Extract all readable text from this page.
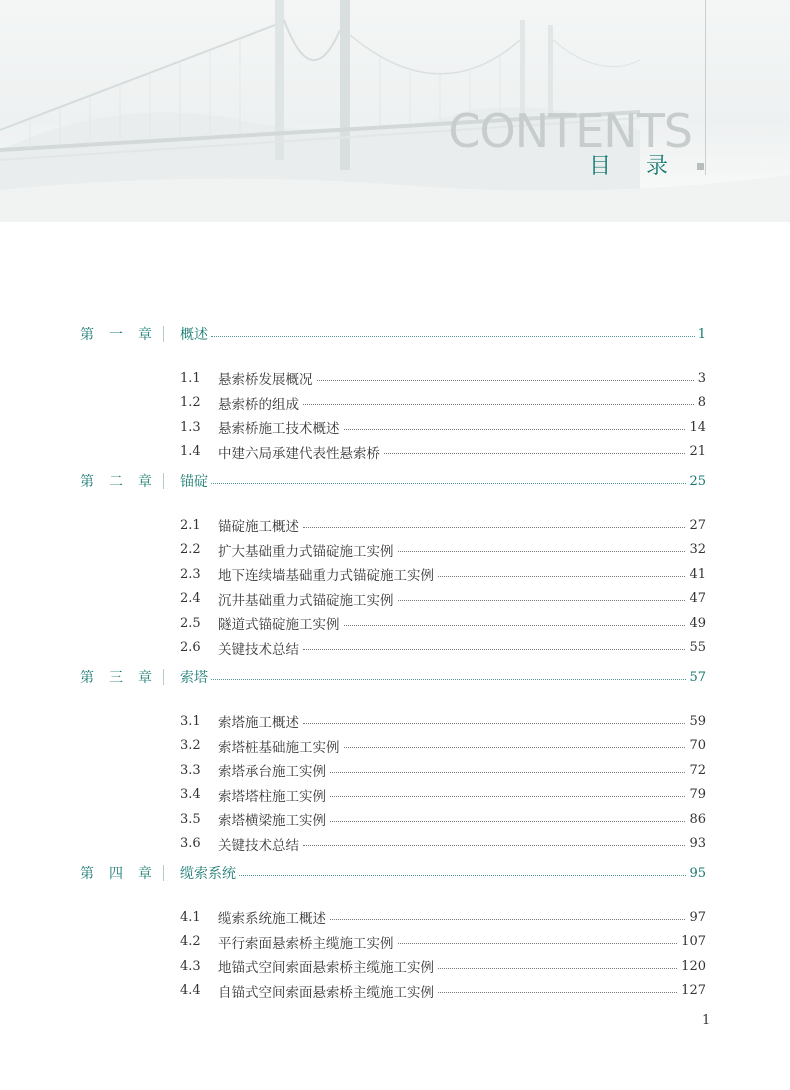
CONTENTS
目 录
第 一 章 概述	1
1.1 悬索桥发展概况	3
1.2 悬索桥的组成	8
1.3 悬索桥施工技术概述	14
1.4 中建六局承建代表性悬索桥	21
第 二 章 锚碇	25
2.1 锚碇施工概述	27
2.2 扩大基础重力式锚碇施工实例	32
2.3 地下连续墙基础重力式锚碇施工实例	41
2.4 沉井基础重力式锚碇施工实例	47
2.5 隧道式锚碇施工实例	49
2.6 关键技术总结	55
第 三 章 索塔	57
3.1 索塔施工概述	59
3.2 索塔桩基础施工实例	70
3.3 索塔承台施工实例	72
3.4 索塔塔柱施工实例	79
3.5 索塔横梁施工实例	86
3.6 关键技术总结	93
第 四 章 缆索系统	95
4.1 缆索系统施工概述	97
4.2 平行索面悬索桥主缆施工实例	107
4.3 地锚式空间索面悬索桥主缆施工实例	120
4.4 自锚式空间索面悬索桥主缆施工实例	127
1
